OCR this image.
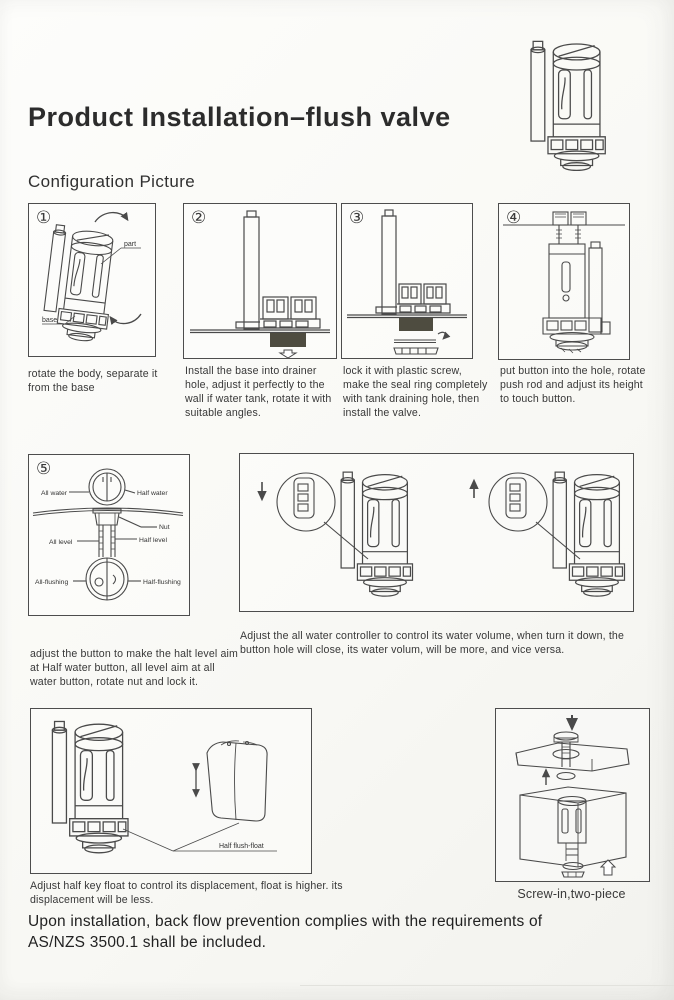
Product Installation–flush valve
Configuration Picture
①
part
base
②	③	④

rotate the body, separate it from the base

Install the base into drainer hole, adjust it perfectly to the wall if water tank, rotate it with suitable angles.

lock it with plastic screw, make the seal ring completely with tank draining hole, then install the valve.

put button into the hole, rotate push rod and adjust its height to touch button.

⑤
All water	Half water
Nut
All level	Half level
All-flushing	Half-flushing

adjust the button to make the halt level aim at Half water button, all level aim at all water button, rotate nut and lock it.

Adjust the all water controller to control its water volume, when turn it down, the button hole will close, its water volum, will be more, and vice versa.

Half flush-float

Adjust half key float to control its displacement, float is higher. its displacement will be less.	Screw-in,two-piece

Upon installation, back flow prevention complies with the requirements of AS/NZS 3500.1 shall be included.
